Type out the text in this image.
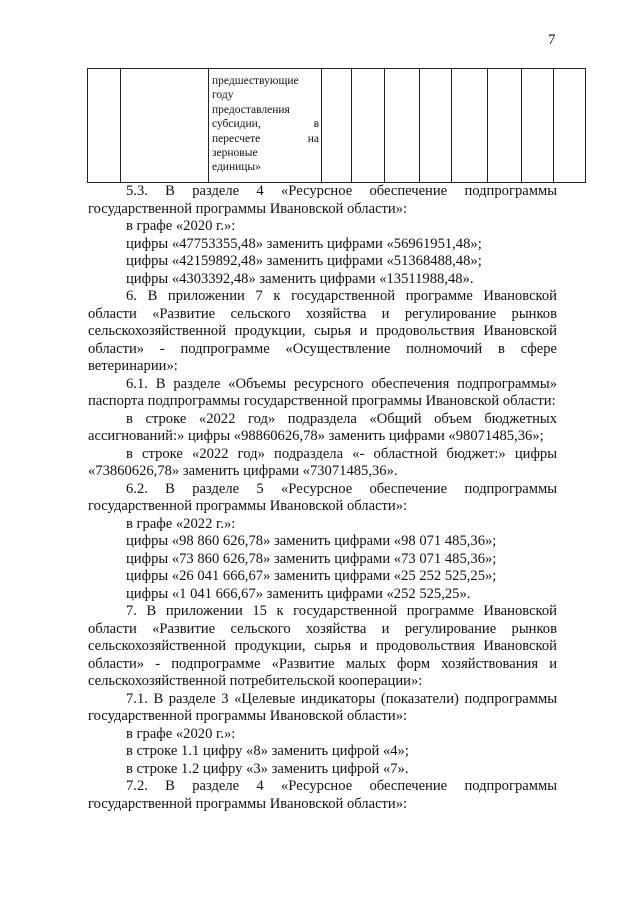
7

предшествующие
году
предоставления
субсидии,	в
пересчете	на
зерновые
единицы»

5.3. В разделе 4 «Ресурсное обеспечение подпрограммы государственной программы Ивановской области»:

в графе «2020 г.»:

цифры «47753355,48» заменить цифрами «56961951,48»;

цифры «42159892,48» заменить цифрами «51368488,48»;

цифры «4303392,48» заменить цифрами «13511988,48».

6. В приложении 7 к государственной программе Ивановской области «Развитие сельского хозяйства и регулирование рынков сельскохозяйственной продукции, сырья и продовольствия Ивановской области» - подпрограмме «Осуществление полномочий в сфере ветеринарии»:

6.1. В разделе «Объемы ресурсного обеспечения подпрограммы» паспорта подпрограммы государственной программы Ивановской области:

в строке «2022 год» подраздела «Общий объем бюджетных ассигнований:» цифры «98860626,78» заменить цифрами «98071485,36»;

в строке «2022 год» подраздела «- областной бюджет:» цифры «73860626,78» заменить цифрами «73071485,36».

6.2. В разделе 5 «Ресурсное обеспечение подпрограммы государственной программы Ивановской области»:

в графе «2022 г.»:

цифры «98 860 626,78» заменить цифрами «98 071 485,36»;

цифры «73 860 626,78» заменить цифрами «73 071 485,36»;

цифры «26 041 666,67» заменить цифрами «25 252 525,25»;

цифры «1 041 666,67» заменить цифрами «252 525,25».

7. В приложении 15 к государственной программе Ивановской области «Развитие сельского хозяйства и регулирование рынков сельскохозяйственной продукции, сырья и продовольствия Ивановской области» - подпрограмме «Развитие малых форм хозяйствования и сельскохозяйственной потребительской кооперации»:

7.1. В разделе 3 «Целевые индикаторы (показатели) подпрограммы государственной программы Ивановской области»:

в графе «2020 г.»:

в строке 1.1 цифру «8» заменить цифрой «4»;

в строке 1.2 цифру «3» заменить цифрой «7».

7.2. В разделе 4 «Ресурсное обеспечение подпрограммы государственной программы Ивановской области»:
